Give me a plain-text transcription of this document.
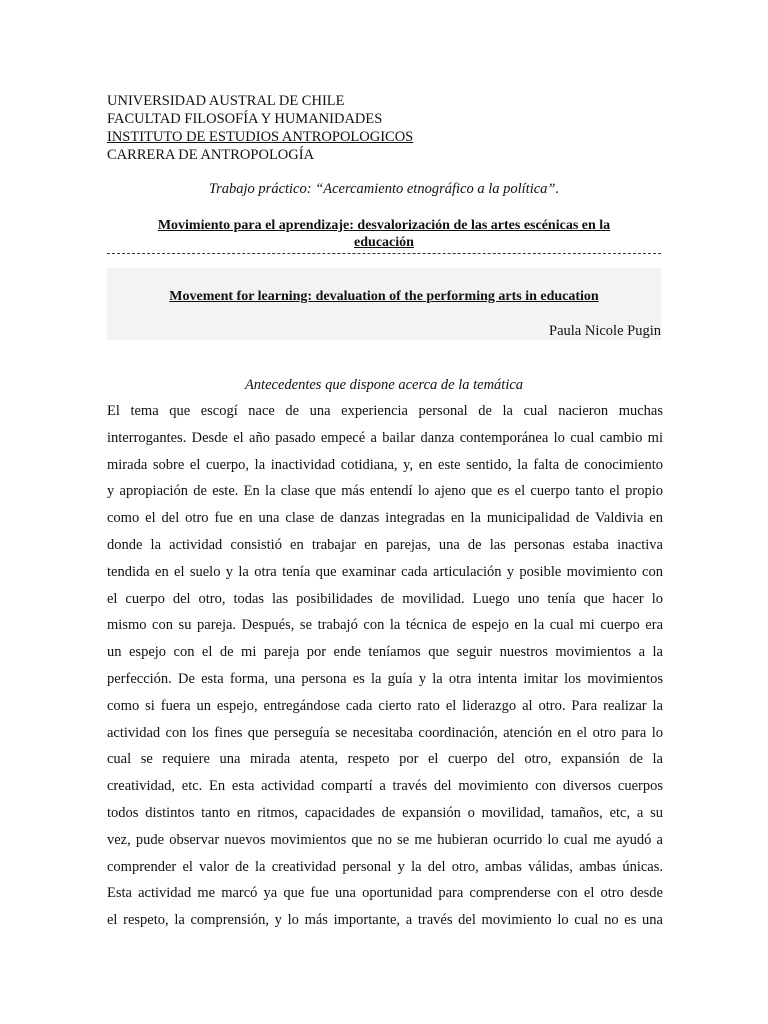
UNIVERSIDAD AUSTRAL DE CHILE
FACULTAD FILOSOFÍA Y HUMANIDADES
INSTITUTO DE ESTUDIOS ANTROPOLOGICOS
CARRERA DE ANTROPOLOGÍA
Trabajo práctico: “Acercamiento etnográfico a la política”.
Movimiento para el aprendizaje: desvalorización de las artes escénicas en la
educación
Movement for learning: devaluation of the performing arts in education
Paula Nicole Pugin
Antecedentes que dispone acerca de la temática
El tema que escogí nace de una experiencia personal de la cual nacieron muchas
interrogantes. Desde el año pasado empecé a bailar danza contemporánea lo cual cambio mi
mirada sobre el cuerpo, la inactividad cotidiana, y, en este sentido, la falta de conocimiento
y apropiación de este. En la clase que más entendí lo ajeno que es el cuerpo tanto el propio
como el del otro fue en una clase de danzas integradas en la municipalidad de Valdivia en
donde la actividad consistió en trabajar en parejas, una de las personas estaba inactiva
tendida en el suelo y la otra tenía que examinar cada articulación y posible movimiento con
el cuerpo del otro, todas las posibilidades de movilidad. Luego uno tenía que hacer lo
mismo con su pareja. Después, se trabajó con la técnica de espejo en la cual mi cuerpo era
un espejo con el de mi pareja por ende teníamos que seguir nuestros movimientos a la
perfección. De esta forma, una persona es la guía y la otra intenta imitar los movimientos
como si fuera un espejo, entregándose cada cierto rato el liderazgo al otro. Para realizar la
actividad con los fines que perseguía se necesitaba coordinación, atención en el otro para lo
cual se requiere una mirada atenta, respeto por el cuerpo del otro, expansión de la
creatividad, etc. En esta actividad compartí a través del movimiento con diversos cuerpos
todos distintos tanto en ritmos, capacidades de expansión o movilidad, tamaños, etc, a su
vez, pude observar nuevos movimientos que no se me hubieran ocurrido lo cual me ayudó a
comprender el valor de la creatividad personal y la del otro, ambas válidas, ambas únicas.
Esta actividad me marcó ya que fue una oportunidad para comprenderse con el otro desde
el respeto, la comprensión, y lo más importante, a través del movimiento lo cual no es una
